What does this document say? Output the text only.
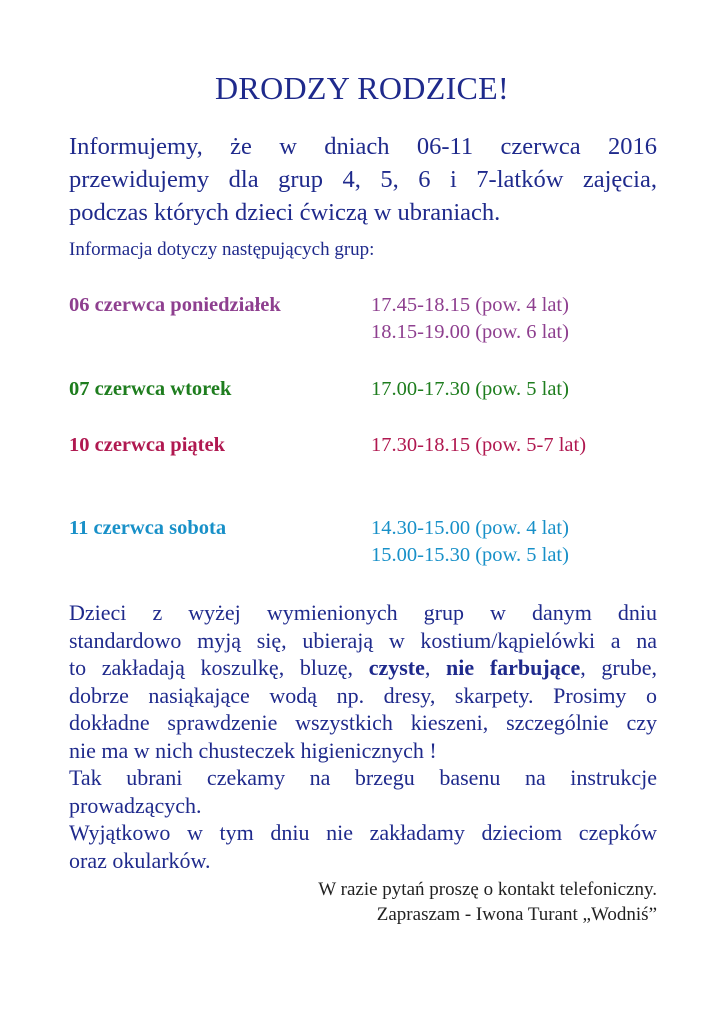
DRODZY RODZICE!
Informujemy, że w dniach 06-11 czerwca 2016
przewidujemy dla grup 4, 5, 6 i 7-latków zajęcia,
podczas których dzieci ćwiczą w ubraniach.
Informacja dotyczy następujących grup:
06 czerwca poniedziałek	17.45-18.15 (pow. 4 lat)
18.15-19.00 (pow. 6 lat)
07 czerwca wtorek	17.00-17.30 (pow. 5 lat)
10 czerwca piątek	17.30-18.15 (pow. 5-7 lat)
11 czerwca sobota	14.30-15.00 (pow. 4 lat)
15.00-15.30 (pow. 5 lat)
Dzieci z wyżej wymienionych grup w danym dniu
standardowo myją się, ubierają w kostium/kąpielówki a na
to zakładają koszulkę, bluzę, czyste, nie farbujące, grube,
dobrze nasiąkające wodą np. dresy, skarpety. Prosimy o
dokładne sprawdzenie wszystkich kieszeni, szczególnie czy
nie ma w nich chusteczek higienicznych !
Tak ubrani czekamy na brzegu basenu na instrukcje
prowadzących.
Wyjątkowo w tym dniu nie zakładamy dzieciom czepków
oraz okularków.
W razie pytań proszę o kontakt telefoniczny.
Zapraszam - Iwona Turant „Wodniś”
